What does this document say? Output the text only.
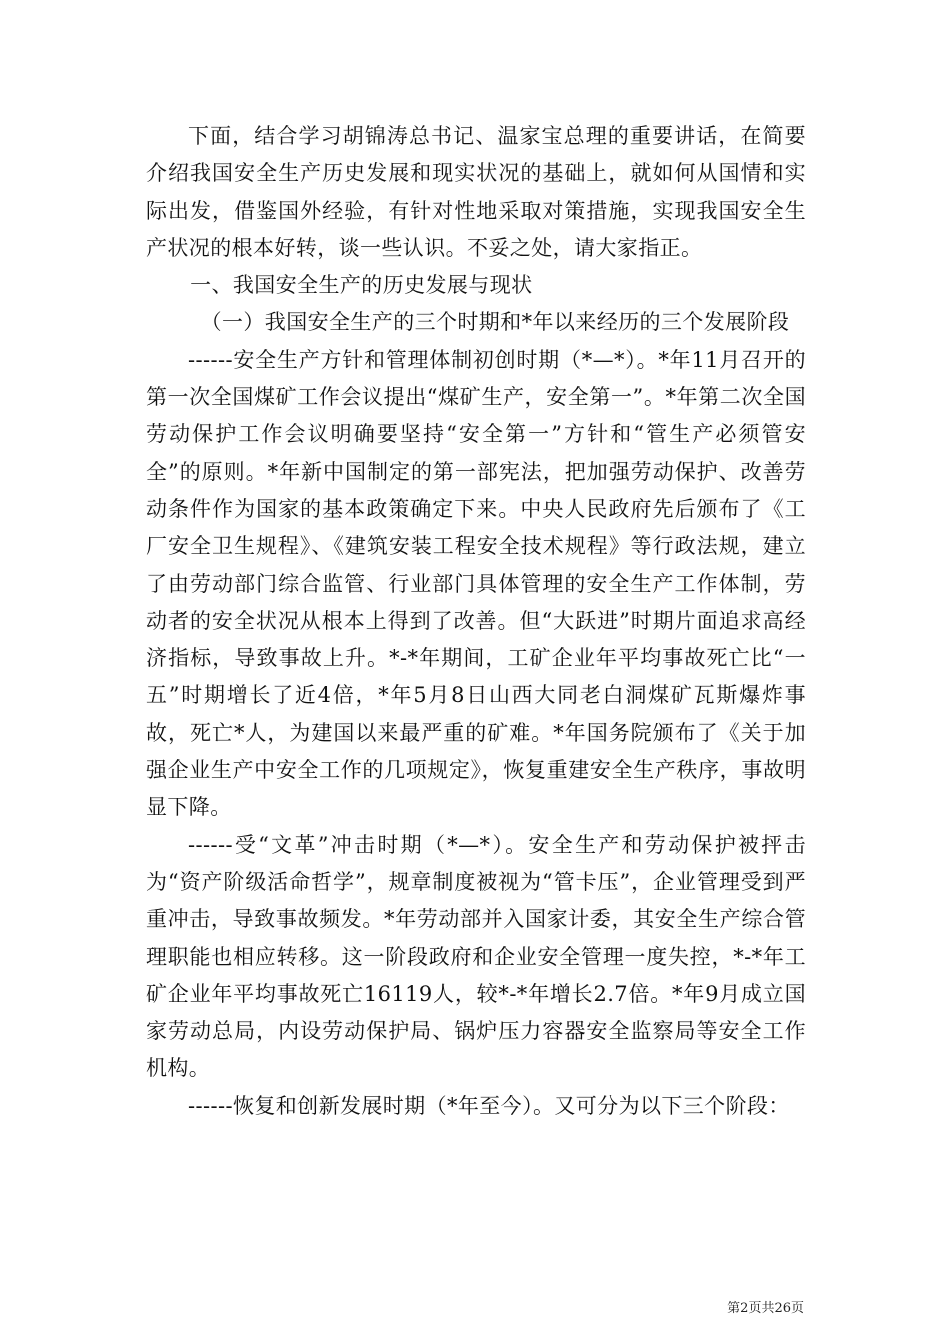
下面，结合学习胡锦涛总书记、温家宝总理的重要讲话，在简要介绍我国安全生产历史发展和现实状况的基础上，就如何从国情和实际出发，借鉴国外经验，有针对性地采取对策措施，实现我国安全生产状况的根本好转，谈一些认识。不妥之处，请大家指正。

一、我国安全生产的历史发展与现状

（一）我国安全生产的三个时期和*年以来经历的三个发展阶段

------安全生产方针和管理体制初创时期（*—*）。*年11月召开的第一次全国煤矿工作会议提出“煤矿生产，安全第一”。*年第二次全国劳动保护工作会议明确要坚持“安全第一”方针和“管生产必须管安全”的原则。*年新中国制定的第一部宪法，把加强劳动保护、改善劳动条件作为国家的基本政策确定下来。中央人民政府先后颁布了《工厂安全卫生规程》、《建筑安装工程安全技术规程》等行政法规，建立了由劳动部门综合监管、行业部门具体管理的安全生产工作体制，劳动者的安全状况从根本上得到了改善。但“大跃进”时期片面追求高经济指标，导致事故上升。*-*年期间，工矿企业年平均事故死亡比“一五”时期增长了近4倍，*年5月8日山西大同老白洞煤矿瓦斯爆炸事故，死亡*人，为建国以来最严重的矿难。*年国务院颁布了《关于加强企业生产中安全工作的几项规定》，恢复重建安全生产秩序，事故明显下降。

------受“文革”冲击时期（*—*）。安全生产和劳动保护被抨击为“资产阶级活命哲学”，规章制度被视为“管卡压”，企业管理受到严重冲击，导致事故频发。*年劳动部并入国家计委，其安全生产综合管理职能也相应转移。这一阶段政府和企业安全管理一度失控，*-*年工矿企业年平均事故死亡16119人，较*-*年增长2.7倍。*年9月成立国家劳动总局，内设劳动保护局、锅炉压力容器安全监察局等安全工作机构。

------恢复和创新发展时期（*年至今）。又可分为以下三个阶段：

第2页共26页
